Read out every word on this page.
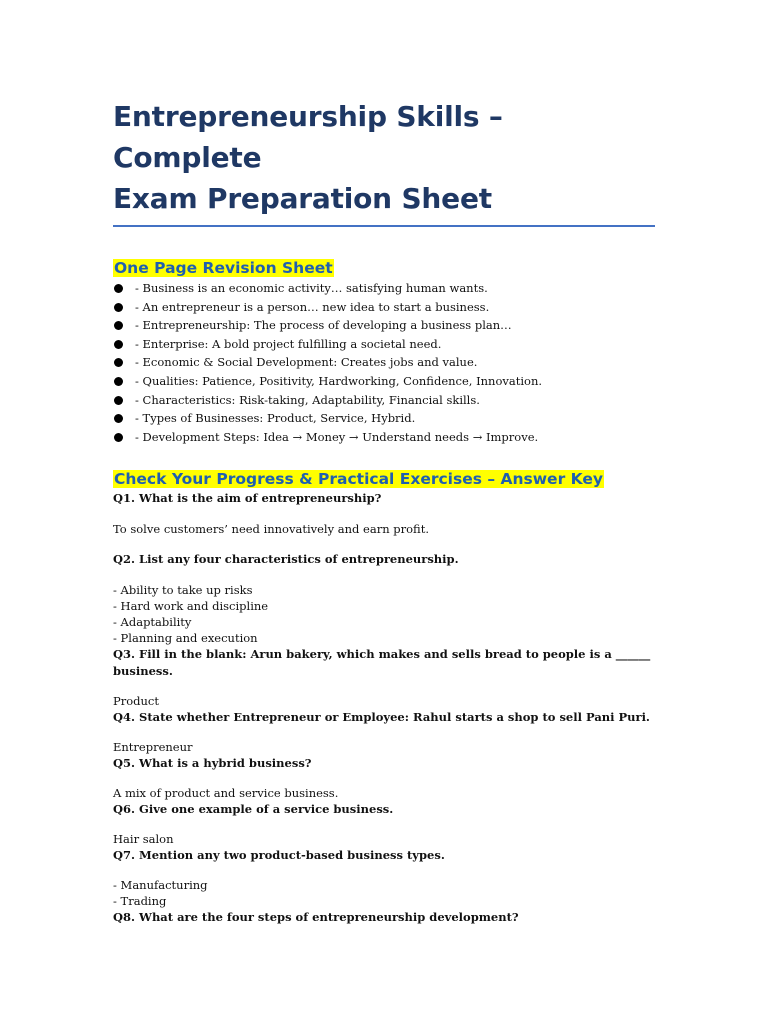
Entrepreneurship Skills – Complete
Exam Preparation Sheet
One Page Revision Sheet
- Business is an economic activity… satisfying human wants.
- An entrepreneur is a person… new idea to start a business.
- Entrepreneurship: The process of developing a business plan…
- Enterprise: A bold project fulfilling a societal need.
- Economic & Social Development: Creates jobs and value.
- Qualities: Patience, Positivity, Hardworking, Confidence, Innovation.
- Characteristics: Risk-taking, Adaptability, Financial skills.
- Types of Businesses: Product, Service, Hybrid.
- Development Steps: Idea → Money → Understand needs → Improve.
Check Your Progress & Practical Exercises – Answer Key

Q1. What is the aim of entrepreneurship?

To solve customers’ need innovatively and earn profit.

Q2. List any four characteristics of entrepreneurship.

- Ability to take up risks

- Hard work and discipline

- Adaptability

- Planning and execution

Q3. Fill in the blank: Arun bakery, which makes and sells bread to people is a ______
business.

Product

Q4. State whether Entrepreneur or Employee: Rahul starts a shop to sell Pani Puri.

Entrepreneur

Q5. What is a hybrid business?

A mix of product and service business.

Q6. Give one example of a service business.

Hair salon

Q7. Mention any two product-based business types.

- Manufacturing

- Trading

Q8. What are the four steps of entrepreneurship development?
